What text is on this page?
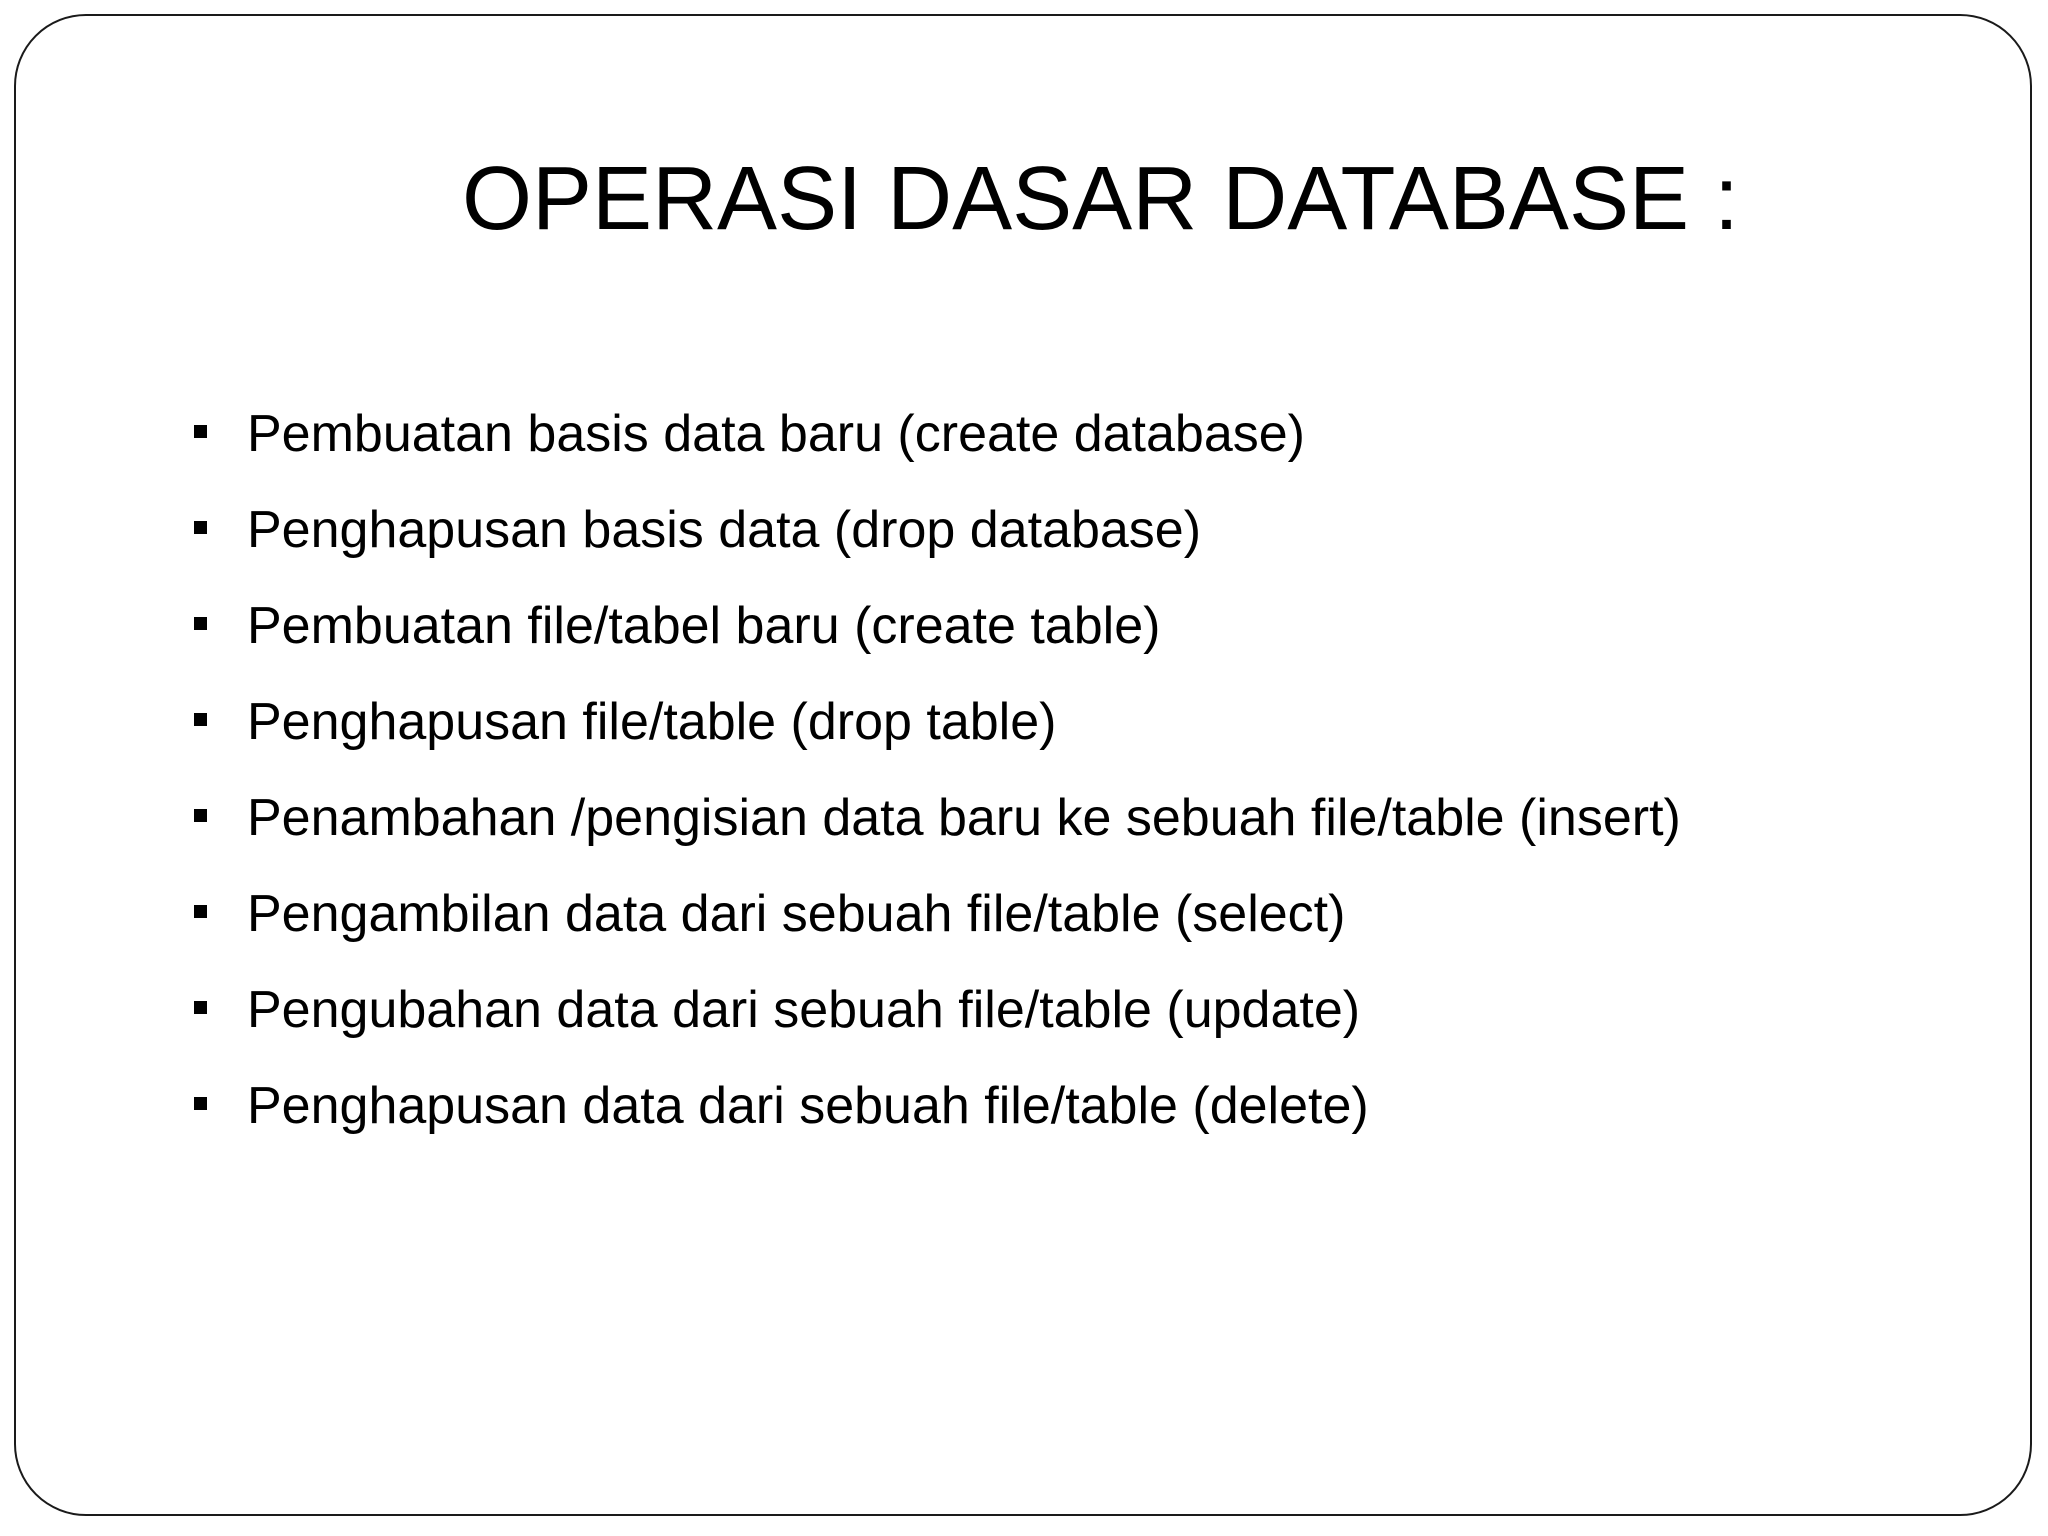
OPERASI DASAR DATABASE :
Pembuatan basis data baru (create database)
Penghapusan basis data (drop database)
Pembuatan file/tabel baru (create table)
Penghapusan file/table (drop table)
Penambahan /pengisian data baru ke sebuah file/table (insert)
Pengambilan data dari sebuah file/table (select)
Pengubahan data dari sebuah file/table (update)
Penghapusan data dari sebuah file/table (delete)
